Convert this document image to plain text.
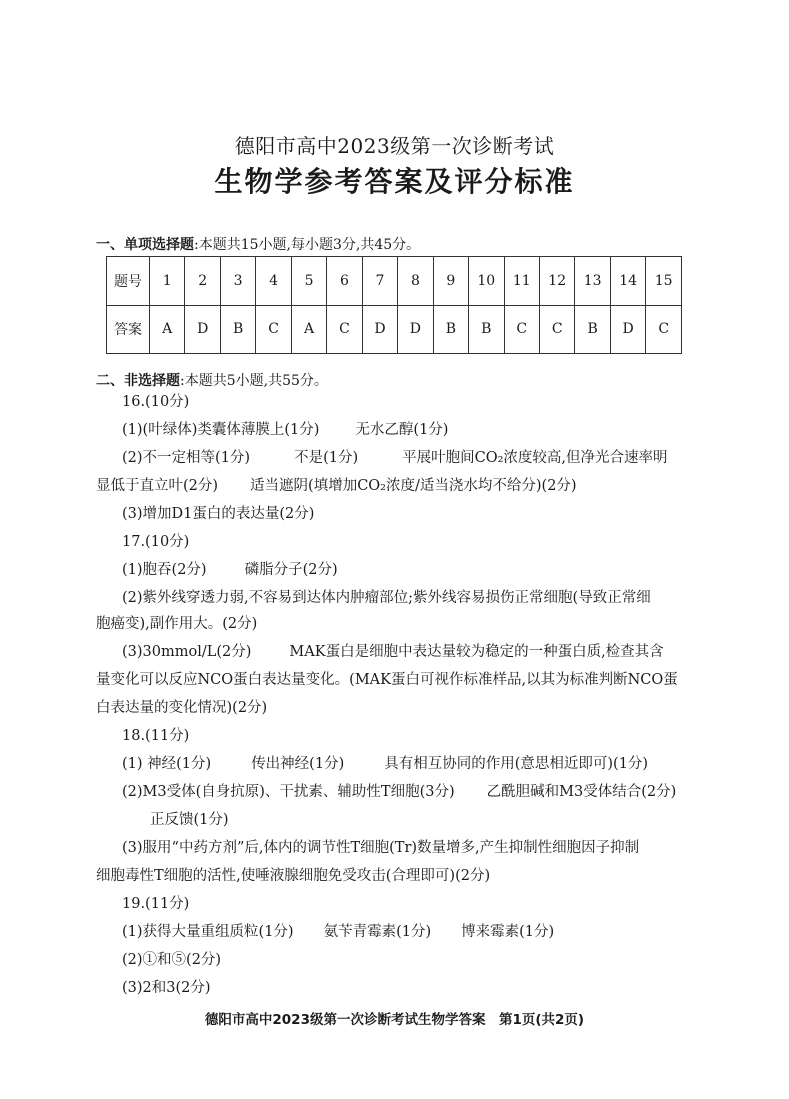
德阳市高中2023级第一次诊断考试
生物学参考答案及评分标准
一、单项选择题:本题共15小题,每小题3分,共45分。
题号	1	2	3	4	5	6	7	8	9	10	11	12	13	14	15
答案	A	D	B	C	A	C	D	D	B	B	C	C	B	D	C
二、非选择题:本题共5小题,共55分。
16.(10分)
(1)(叶绿体)类囊体薄膜上(1分) 无水乙醇(1分)
(2)不一定相等(1分)	不是(1分)	平展叶胞间CO₂浓度较高,但净光合速率明
显低于直立叶(2分) 适当遮阴(填增加CO₂浓度/适当浇水均不给分)(2分)
(3)增加D1蛋白的表达量(2分)
17.(10分)
(1)胞吞(2分)	磷脂分子(2分)
(2)紫外线穿透力弱,不容易到达体内肿瘤部位;紫外线容易损伤正常细胞(导致正常细
胞癌变),副作用大。(2分)
(3)30mmol/L(2分)	MAK蛋白是细胞中表达量较为稳定的一种蛋白质,检查其含
量变化可以反应NCO蛋白表达量变化。(MAK蛋白可视作标准样品,以其为标准判断NCO蛋
白表达量的变化情况)(2分)
18.(11分)
(1) 神经(1分)	传出神经(1分)	具有相互协同的作用(意思相近即可)(1分)
(2)M3受体(自身抗原)、干扰素、辅助性T细胞(3分) 乙酰胆碱和M3受体结合(2分)
正反馈(1分)
(3)服用“中药方剂”后,体内的调节性T细胞(Tr)数量增多,产生抑制性细胞因子抑制
细胞毒性T细胞的活性,使唾液腺细胞免受攻击(合理即可)(2分)
19.(11分)
(1)获得大量重组质粒(1分) 氨苄青霉素(1分) 博来霉素(1分)
(2)①和⑤(2分)
(3)2和3(2分)
德阳市高中2023级第一次诊断考试生物学答案　第1页(共2页)
